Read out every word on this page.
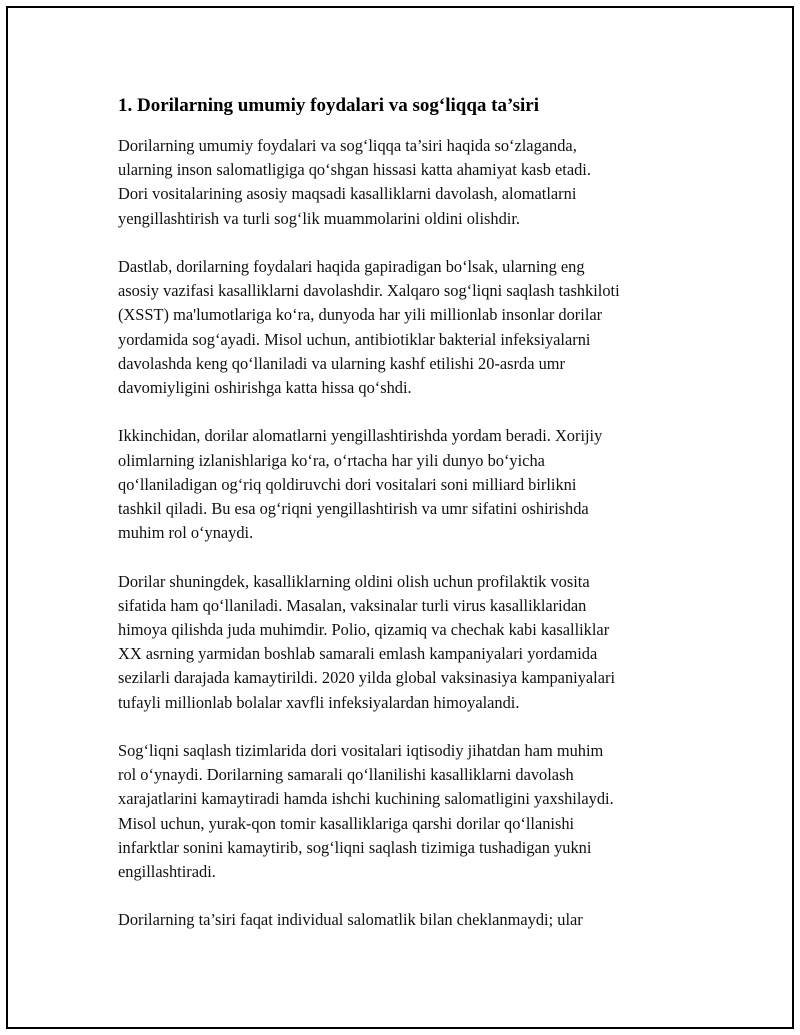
1. Dorilarning umumiy foydalari va sog‘liqqa ta’siri

Dorilarning umumiy foydalari va sog‘liqqa ta’siri haqida so‘zlaganda,
ularning inson salomatligiga qo‘shgan hissasi katta ahamiyat kasb etadi.
Dori vositalarining asosiy maqsadi kasalliklarni davolash, alomatlarni
yengillashtirish va turli sog‘lik muammolarini oldini olishdir.

Dastlab, dorilarning foydalari haqida gapiradigan bo‘lsak, ularning eng
asosiy vazifasi kasalliklarni davolashdir. Xalqaro sog‘liqni saqlash tashkiloti
(XSST) ma'lumotlariga ko‘ra, dunyoda har yili millionlab insonlar dorilar
yordamida sog‘ayadi. Misol uchun, antibiotiklar bakterial infeksiyalarni
davolashda keng qo‘llaniladi va ularning kashf etilishi 20-asrda umr
davomiyligini oshirishga katta hissa qo‘shdi.

Ikkinchidan, dorilar alomatlarni yengillashtirishda yordam beradi. Xorijiy
olimlarning izlanishlariga ko‘ra, o‘rtacha har yili dunyo bo‘yicha
qo‘llaniladigan og‘riq qoldiruvchi dori vositalari soni milliard birlikni
tashkil qiladi. Bu esa og‘riqni yengillashtirish va umr sifatini oshirishda
muhim rol o‘ynaydi.

Dorilar shuningdek, kasalliklarning oldini olish uchun profilaktik vosita
sifatida ham qo‘llaniladi. Masalan, vaksinalar turli virus kasalliklaridan
himoya qilishda juda muhimdir. Polio, qizamiq va chechak kabi kasalliklar
XX asrning yarmidan boshlab samarali emlash kampaniyalari yordamida
sezilarli darajada kamaytirildi. 2020 yilda global vaksinasiya kampaniyalari
tufayli millionlab bolalar xavfli infeksiyalardan himoyalandi.

Sog‘liqni saqlash tizimlarida dori vositalari iqtisodiy jihatdan ham muhim
rol o‘ynaydi. Dorilarning samarali qo‘llanilishi kasalliklarni davolash
xarajatlarini kamaytiradi hamda ishchi kuchining salomatligini yaxshilaydi.
Misol uchun, yurak-qon tomir kasalliklariga qarshi dorilar qo‘llanishi
infarktlar sonini kamaytirib, sog‘liqni saqlash tizimiga tushadigan yukni
engillashtiradi.

Dorilarning ta’siri faqat individual salomatlik bilan cheklanmaydi; ular
